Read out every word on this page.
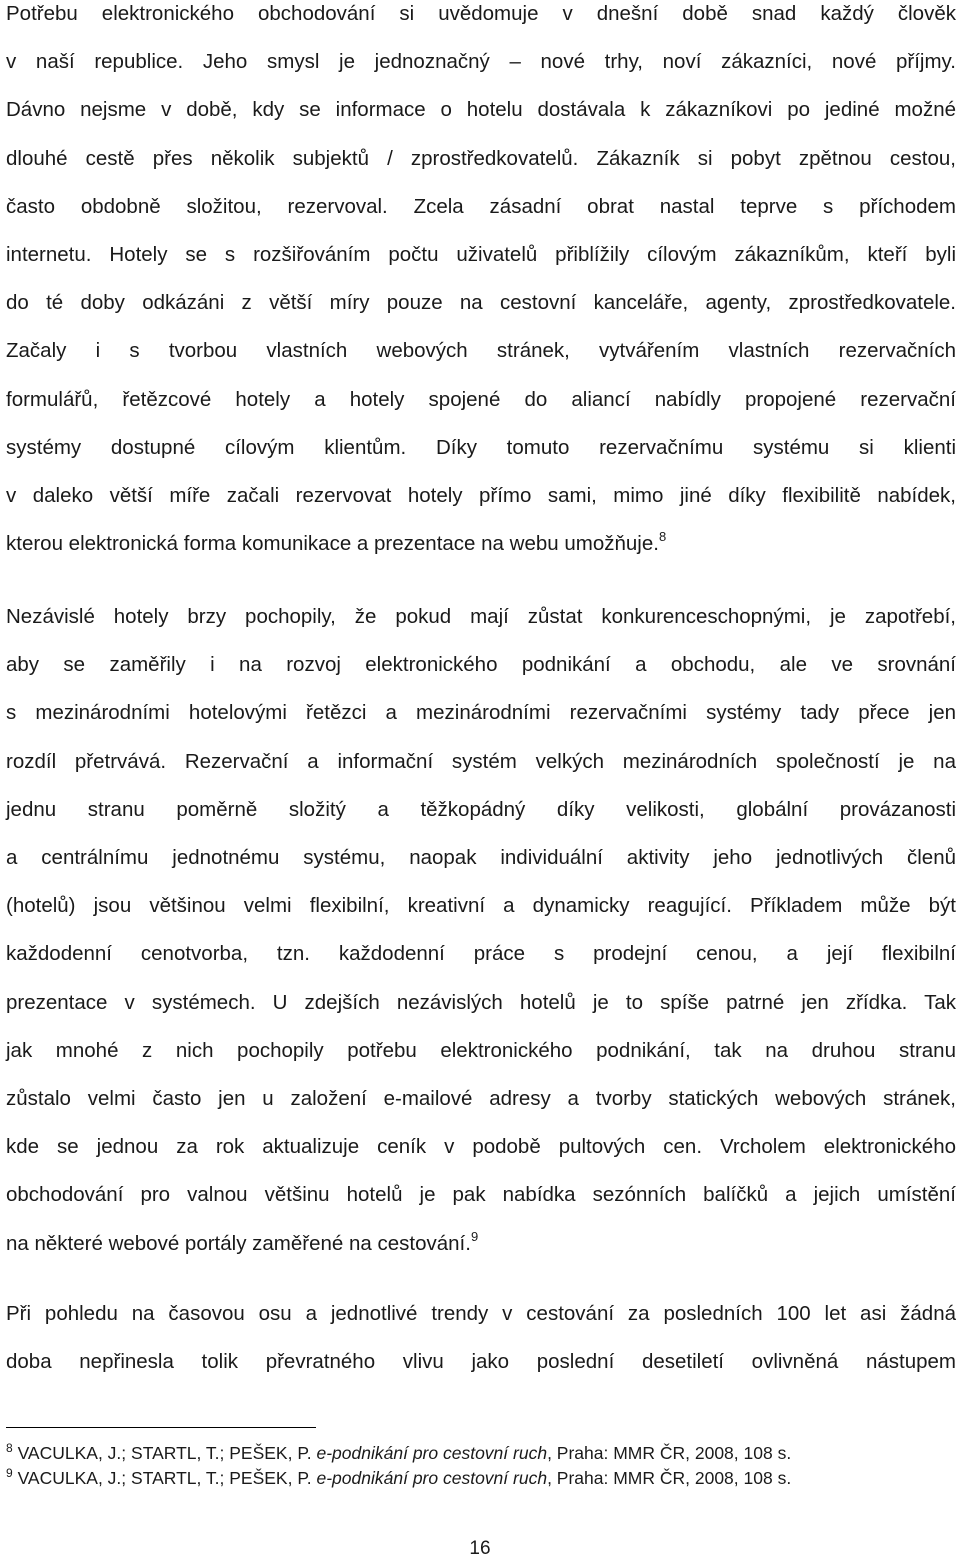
Potřebu elektronického obchodování si uvědomuje v dnešní době snad každý člověk
v naší republice. Jeho smysl je jednoznačný – nové trhy, noví zákazníci, nové příjmy.
Dávno nejsme v době, kdy se informace o hotelu dostávala k zákazníkovi po jediné možné
dlouhé cestě přes několik subjektů / zprostředkovatelů. Zákazník si pobyt zpětnou cestou,
často obdobně složitou, rezervoval. Zcela zásadní obrat nastal teprve s příchodem
internetu. Hotely se s rozšiřováním počtu uživatelů přiblížily cílovým zákazníkům, kteří byli
do té doby odkázáni z větší míry pouze na cestovní kanceláře, agenty, zprostředkovatele.
Začaly i s tvorbou vlastních webových stránek, vytvářením vlastních rezervačních
formulářů, řetězcové hotely a hotely spojené do aliancí nabídly propojené rezervační
systémy dostupné cílovým klientům. Díky tomuto rezervačnímu systému si klienti
v daleko větší míře začali rezervovat hotely přímo sami, mimo jiné díky flexibilitě nabídek,
kterou elektronická forma komunikace a prezentace na webu umožňuje.$^8$
Nezávislé hotely brzy pochopily, že pokud mají zůstat konkurenceschopnými, je zapotřebí,
aby se zaměřily i na rozvoj elektronického podnikání a obchodu, ale ve srovnání
s mezinárodními hotelovými řetězci a mezinárodními rezervačními systémy tady přece jen
rozdíl přetrvává. Rezervační a informační systém velkých mezinárodních společností je na
jednu stranu poměrně složitý a těžkopádný díky velikosti, globální provázanosti
a centrálnímu jednotnému systému, naopak individuální aktivity jeho jednotlivých členů
(hotelů) jsou většinou velmi flexibilní, kreativní a dynamicky reagující. Příkladem může být
každodenní cenotvorba, tzn. každodenní práce s prodejní cenou, a její flexibilní
prezentace v systémech. U zdejších nezávislých hotelů je to spíše patrné jen zřídka. Tak
jak mnohé z nich pochopily potřebu elektronického podnikání, tak na druhou stranu
zůstalo velmi často jen u založení e-mailové adresy a tvorby statických webových stránek,
kde se jednou za rok aktualizuje ceník v podobě pultových cen. Vrcholem elektronického
obchodování pro valnou většinu hotelů je pak nabídka sezónních balíčků a jejich umístění
na některé webové portály zaměřené na cestování.$^9$
Při pohledu na časovou osu a jednotlivé trendy v cestování za posledních 100 let asi žádná
doba nepřinesla tolik převratného vlivu jako poslední desetiletí ovlivněná nástupem
$^8$ VACULKA, J.; STARTL, T.; PEŠEK, P. e-podnikání pro cestovní ruch, Praha: MMR ČR, 2008, 108 s.
$^9$ VACULKA, J.; STARTL, T.; PEŠEK, P. e-podnikání pro cestovní ruch, Praha: MMR ČR, 2008, 108 s.
16
